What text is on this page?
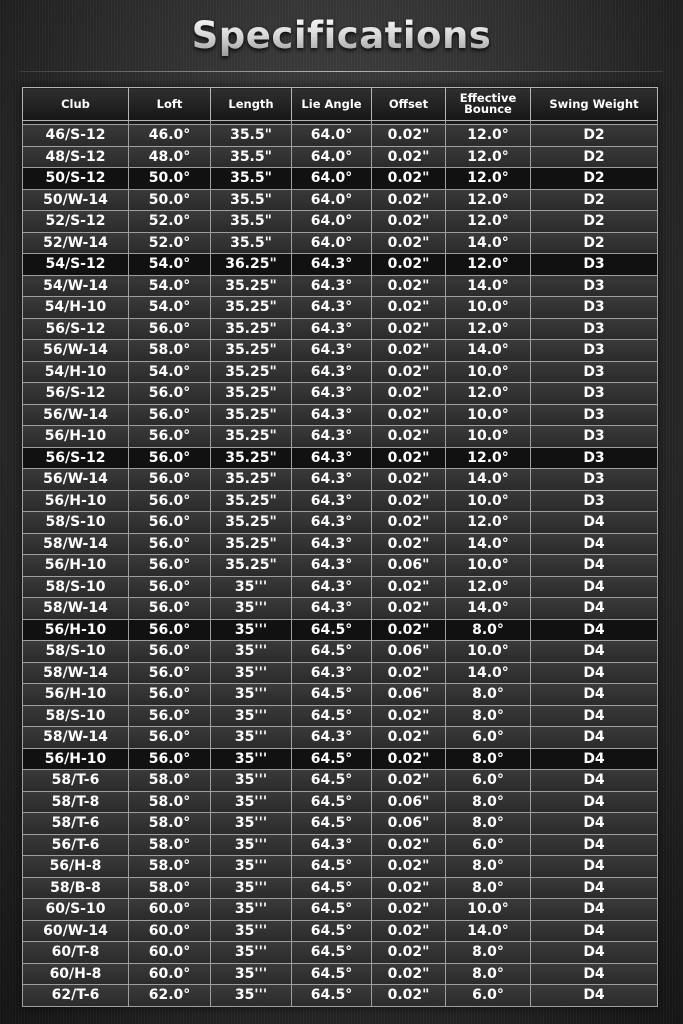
Specifications
Club	Loft	Length	Lie Angle	Offset	Effective Bounce	Swing Weight

46/S-12	46.0°	35.5"	64.0°	0.02"	12.0°	D2
48/S-12	48.0°	35.5"	64.0°	0.02"	12.0°	D2
50/S-12	50.0°	35.5"	64.0°	0.02"	12.0°	D2
50/W-14	50.0°	35.5"	64.0°	0.02"	12.0°	D2
52/S-12	52.0°	35.5"	64.0°	0.02"	12.0°	D2
52/W-14	52.0°	35.5"	64.0°	0.02"	14.0°	D2
54/S-12	54.0°	36.25"	64.3°	0.02"	12.0°	D3
54/W-14	54.0°	35.25"	64.3°	0.02"	14.0°	D3
54/H-10	54.0°	35.25"	64.3°	0.02"	10.0°	D3
56/S-12	56.0°	35.25"	64.3°	0.02"	12.0°	D3
56/W-14	58.0°	35.25"	64.3°	0.02"	14.0°	D3
54/H-10	54.0°	35.25"	64.3°	0.02"	10.0°	D3
56/S-12	56.0°	35.25"	64.3°	0.02"	12.0°	D3
56/W-14	56.0°	35.25"	64.3°	0.02"	10.0°	D3
56/H-10	56.0°	35.25"	64.3°	0.02"	10.0°	D3
56/S-12	56.0°	35.25"	64.3°	0.02"	12.0°	D3
56/W-14	56.0°	35.25"	64.3°	0.02"	14.0°	D3
56/H-10	56.0°	35.25"	64.3°	0.02"	10.0°	D3
58/S-10	56.0°	35.25"	64.3°	0.02"	12.0°	D4
58/W-14	56.0°	35.25"	64.3°	0.02"	14.0°	D4
56/H-10	56.0°	35.25"	64.3°	0.06"	10.0°	D4
58/S-10	56.0°	35'''	64.3°	0.02"	12.0°	D4
58/W-14	56.0°	35'''	64.3°	0.02"	14.0°	D4
56/H-10	56.0°	35'''	64.5°	0.02"	8.0°	D4
58/S-10	56.0°	35'''	64.5°	0.06"	10.0°	D4
58/W-14	56.0°	35'''	64.3°	0.02"	14.0°	D4
56/H-10	56.0°	35'''	64.5°	0.06"	8.0°	D4
58/S-10	56.0°	35'''	64.5°	0.02"	8.0°	D4
58/W-14	56.0°	35'''	64.3°	0.02"	6.0°	D4
56/H-10	56.0°	35'''	64.5°	0.02"	8.0°	D4
58/T-6	58.0°	35'''	64.5°	0.02"	6.0°	D4
58/T-8	58.0°	35'''	64.5°	0.06"	8.0°	D4
58/T-6	58.0°	35'''	64.5°	0.06"	8.0°	D4
56/T-6	58.0°	35'''	64.3°	0.02"	6.0°	D4
56/H-8	58.0°	35'''	64.5°	0.02"	8.0°	D4
58/B-8	58.0°	35'''	64.5°	0.02"	8.0°	D4
60/S-10	60.0°	35'''	64.5°	0.02"	10.0°	D4
60/W-14	60.0°	35'''	64.5°	0.02"	14.0°	D4
60/T-8	60.0°	35'''	64.5°	0.02"	8.0°	D4
60/H-8	60.0°	35'''	64.5°	0.02"	8.0°	D4
62/T-6	62.0°	35'''	64.5°	0.02"	6.0°	D4
